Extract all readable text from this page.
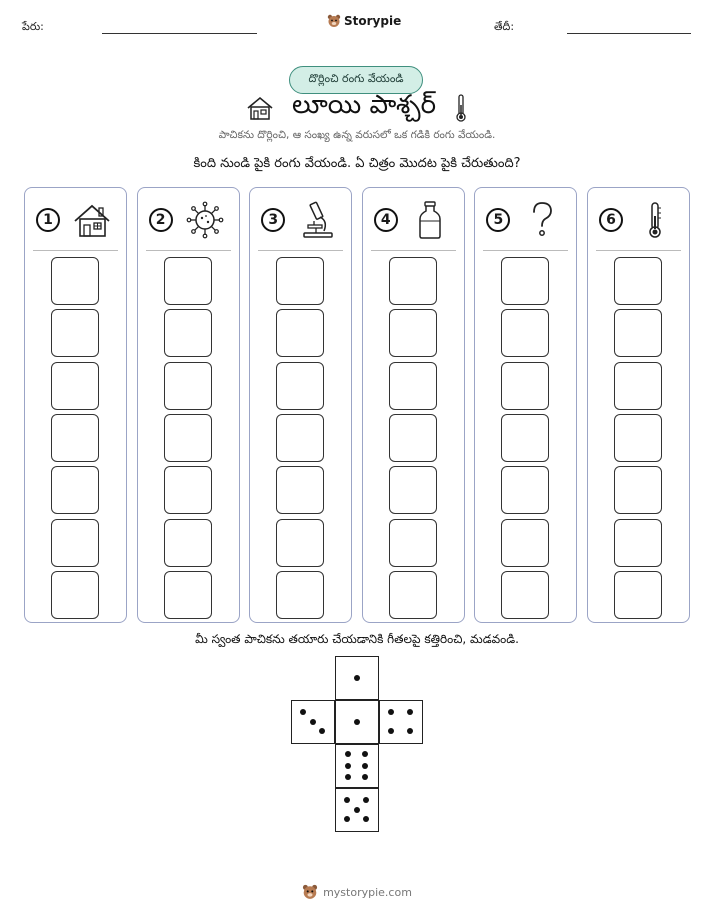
పేరు:	Storypie	తేదీ:
దొర్లించి రంగు వేయండి
లూయి పాశ్చర్
పాచికను దొర్లించి, ఆ సంఖ్య ఉన్న వరుసలో ఒక గడికి రంగు వేయండి.
కింది నుండి పైకి రంగు వేయండి. ఏ చిత్రం మొదట పైకి చేరుతుంది?
1	2	3	4	5	6
మీ స్వంత పాచికను తయారు చేయడానికి గీతలపై కత్తిరించి, మడవండి.
mystorypie.com
